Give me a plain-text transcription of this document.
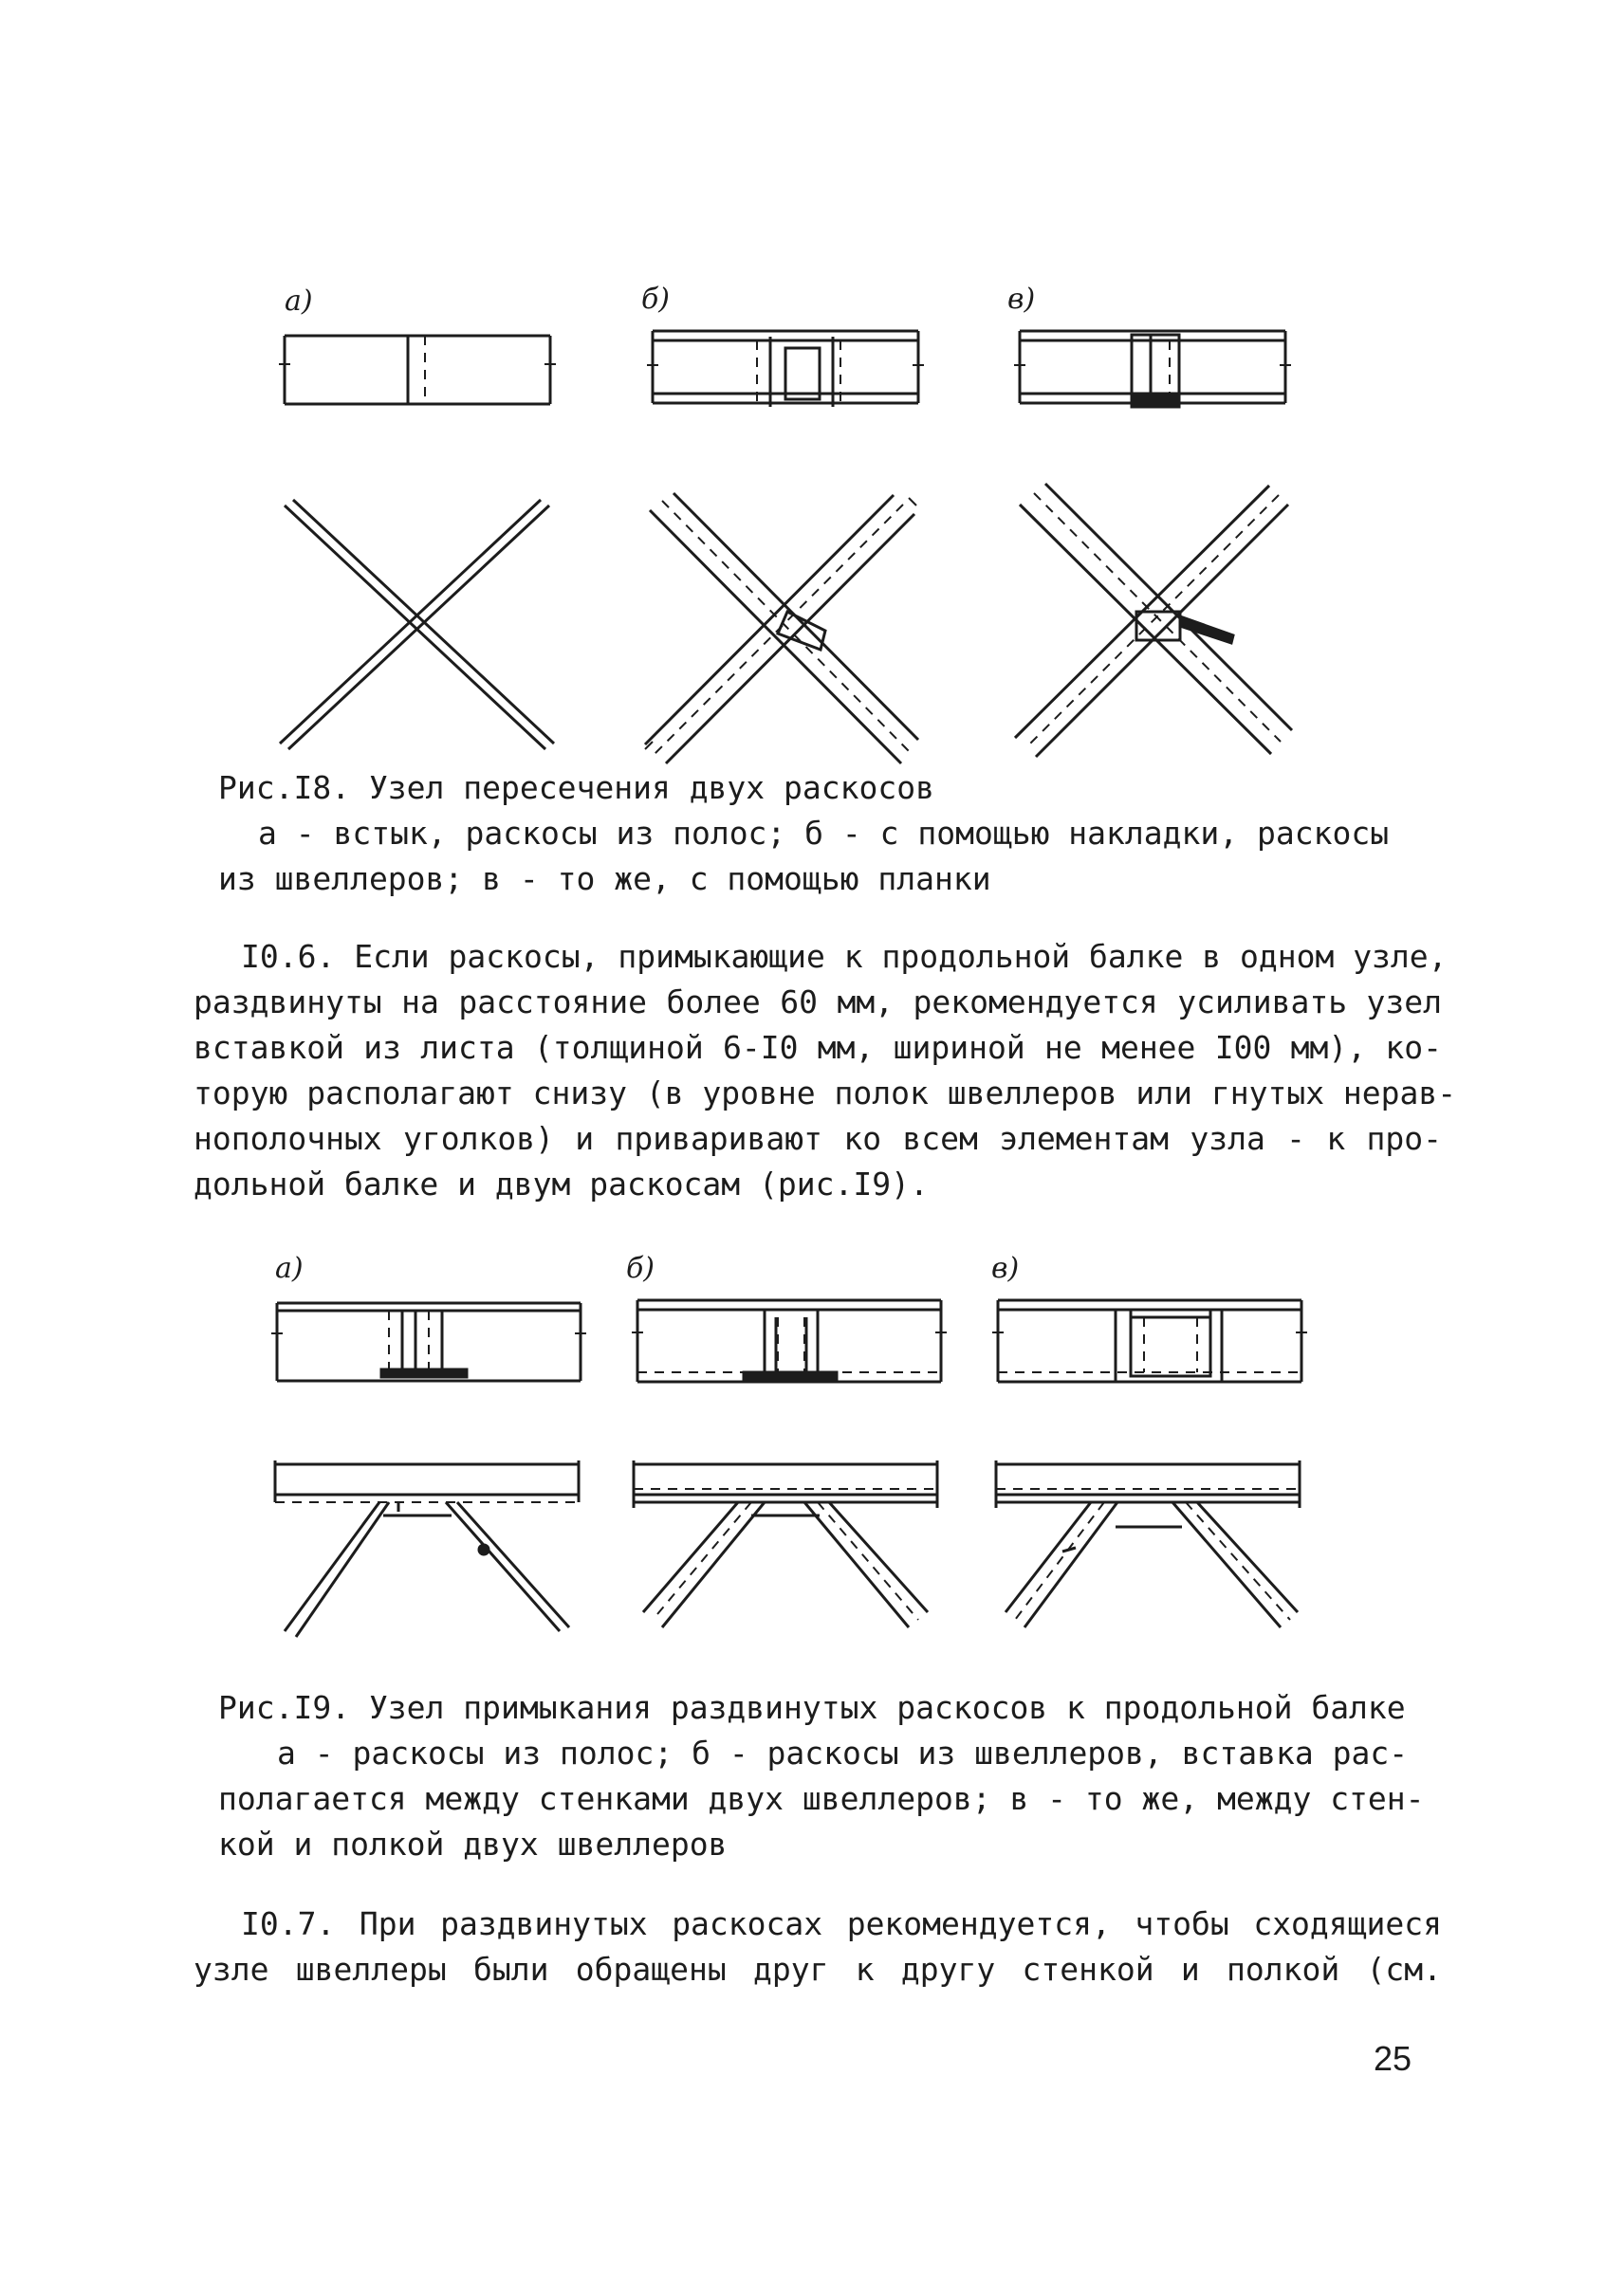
а)	б)	в)
Рис.I8. Узел пересечения двух раскосов
а - встык, раскосы из полос; б - с помощью накладки, раскосы
из швеллеров; в - то же, с помощью планки
I0.6. Если раскосы, примыкающие к продольной балке в одном узле,
раздвинуты на расстояние более 60 мм, рекомендуется усиливать узел
вставкой из листа (толщиной 6-I0 мм, шириной не менее I00 мм), ко-
торую располагают снизу (в уровне полок швеллеров или гнутых нерав-
нополочных уголков) и приваривают ко всем элементам узла - к про-
дольной балке и двум раскосам (рис.I9).
а)	б)	в)
Рис.I9. Узел примыкания раздвинутых раскосов к продольной балке
а - раскосы из полос; б - раскосы из швеллеров, вставка рас-
полагается между стенками двух швеллеров; в - то же, между стен-
кой и полкой двух швеллеров
I0.7. При раздвинутых раскосах рекомендуется, чтобы сходящиеся
узле швеллеры были обращены друг к другу стенкой и полкой (см.
25
